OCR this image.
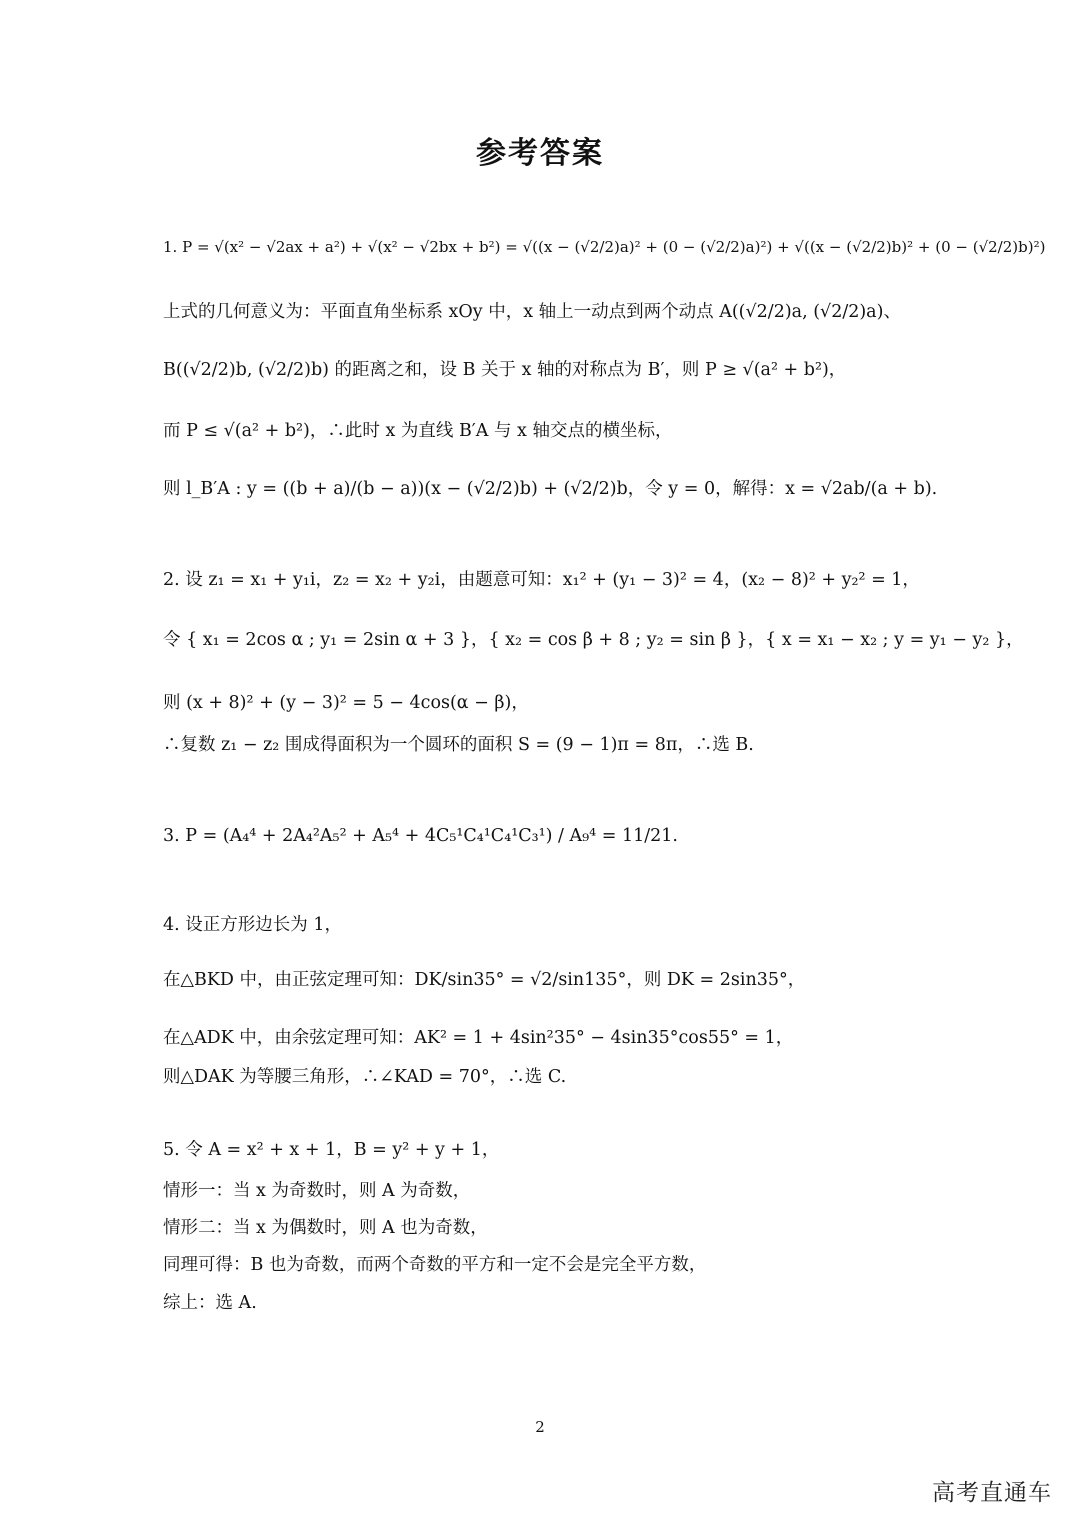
参考答案
1. P = √(x² − √2ax + a²) + √(x² − √2bx + b²) = √((x − (√2/2)a)² + (0 − (√2/2)a)²) + √((x − (√2/2)b)² + (0 − (√2/2)b)²)
上式的几何意义为：平面直角坐标系 xOy 中，x 轴上一动点到两个动点 A((√2/2)a, (√2/2)a)、
B((√2/2)b, (√2/2)b) 的距离之和，设 B 关于 x 轴的对称点为 B′，则 P ≥ √(a² + b²)，
而 P ≤ √(a² + b²)，∴此时 x 为直线 B′A 与 x 轴交点的横坐标，
则 l_B′A : y = ((b + a)/(b − a))(x − (√2/2)b) + (√2/2)b，令 y = 0，解得：x = √2ab/(a + b).
2. 设 z₁ = x₁ + y₁i，z₂ = x₂ + y₂i，由题意可知：x₁² + (y₁ − 3)² = 4，(x₂ − 8)² + y₂² = 1，
令 { x₁ = 2cos α ; y₁ = 2sin α + 3 }，{ x₂ = cos β + 8 ; y₂ = sin β }，{ x = x₁ − x₂ ; y = y₁ − y₂ }，
则 (x + 8)² + (y − 3)² = 5 − 4cos(α − β)，
∴复数 z₁ − z₂ 围成得面积为一个圆环的面积 S = (9 − 1)π = 8π，∴选 B.
3. P = (A₄⁴ + 2A₄²A₅² + A₅⁴ + 4C₅¹C₄¹C₄¹C₃¹) / A₉⁴ = 11/21.
4. 设正方形边长为 1，
在△BKD 中，由正弦定理可知：DK/sin35° = √2/sin135°，则 DK = 2sin35°，
在△ADK 中，由余弦定理可知：AK² = 1 + 4sin²35° − 4sin35°cos55° = 1，
则△DAK 为等腰三角形，∴∠KAD = 70°，∴选 C.
5. 令 A = x² + x + 1，B = y² + y + 1，
情形一：当 x 为奇数时，则 A 为奇数，
情形二：当 x 为偶数时，则 A 也为奇数，
同理可得：B 也为奇数，而两个奇数的平方和一定不会是完全平方数，
综上：选 A.
2
高考直通车
